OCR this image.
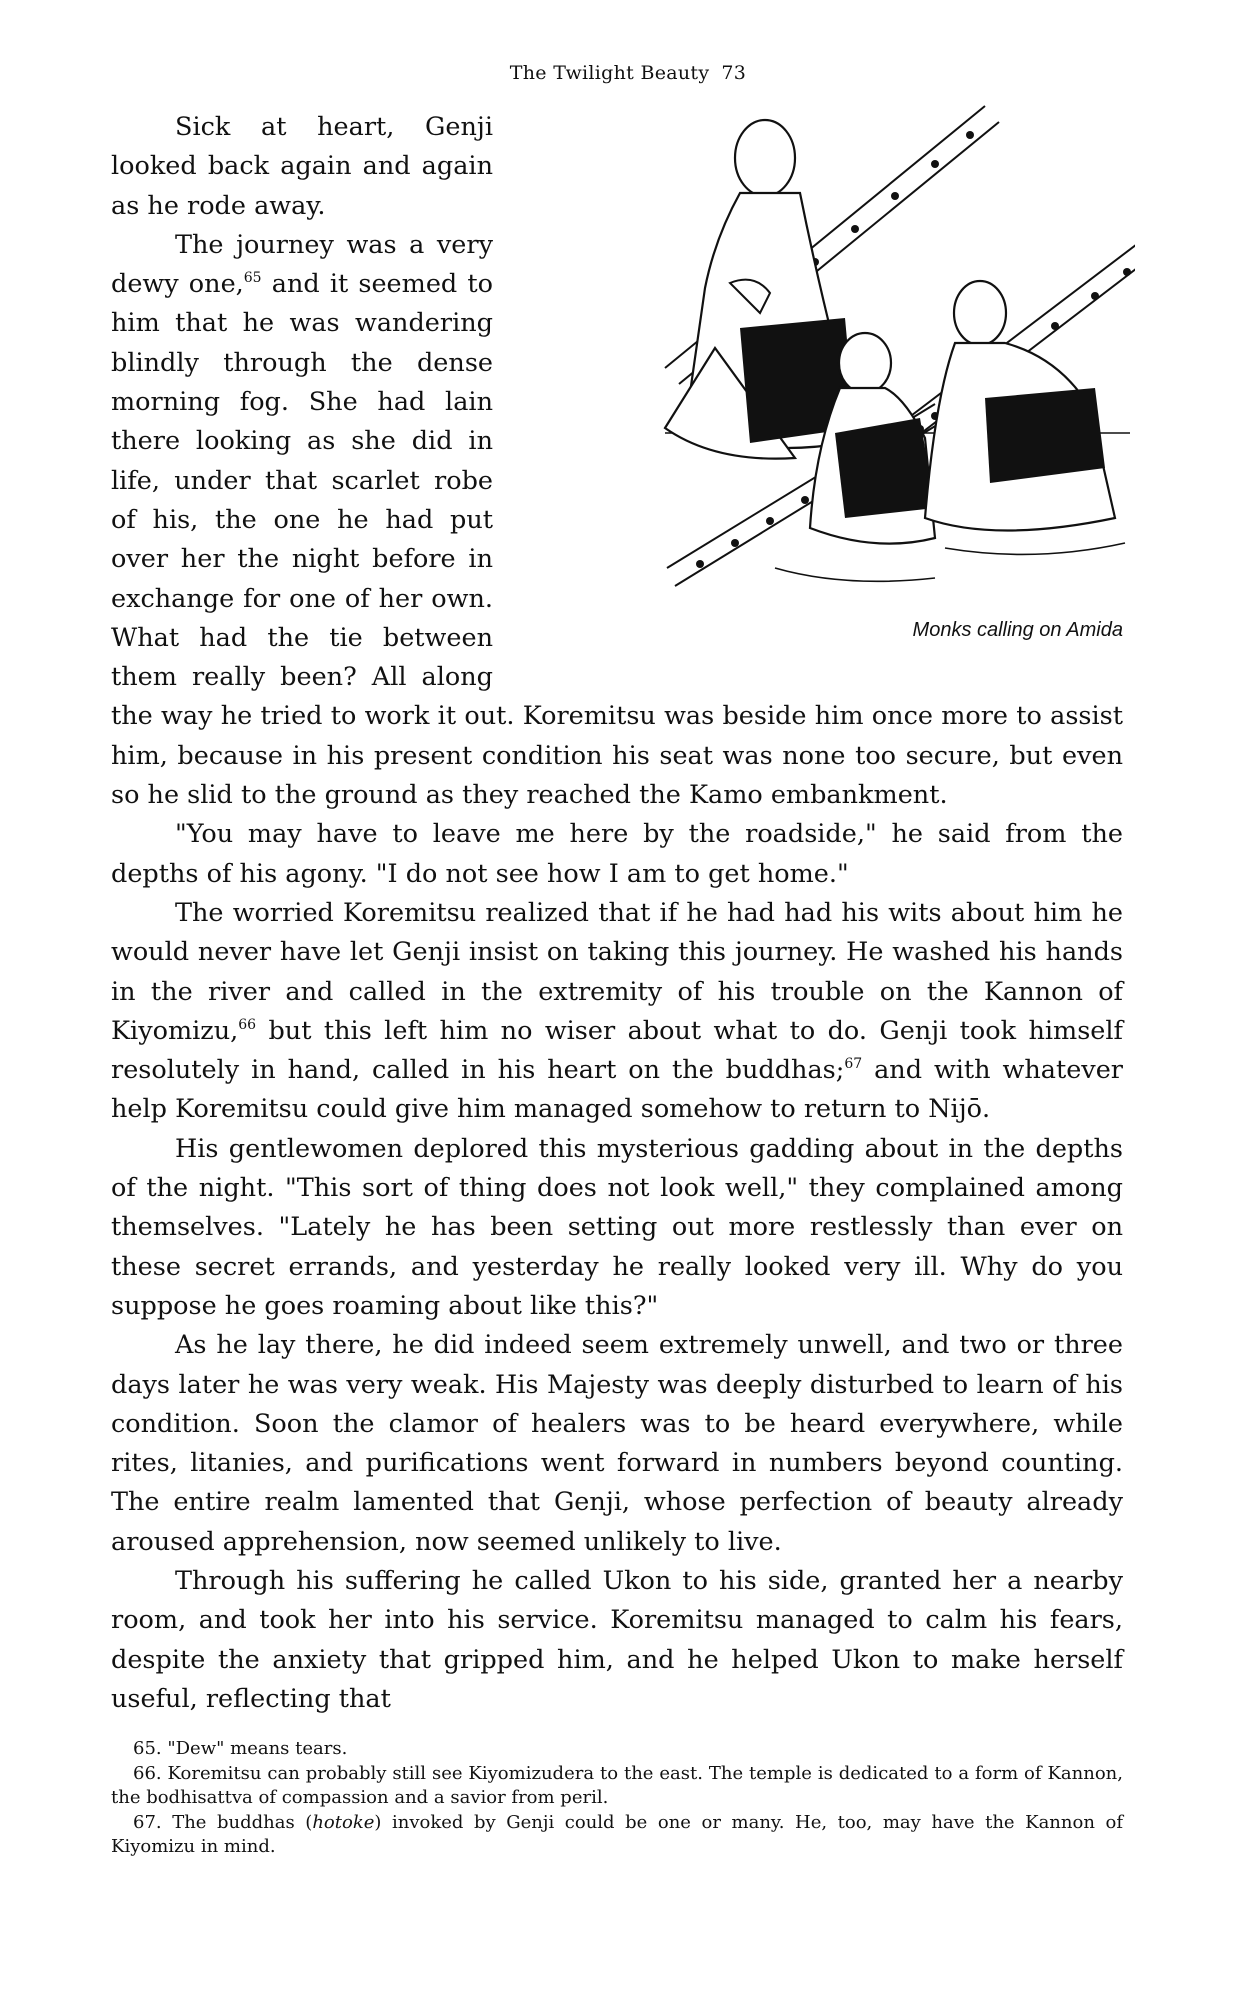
The Twilight Beauty 73
Monks calling on Amida

Sick at heart, Genji looked back again and again as he rode away.

The journey was a very dewy one,$^{65}$ and it seemed to him that he was wandering blindly through the dense morning fog. She had lain there looking as she did in life, under that scarlet robe of his, the one he had put over her the night before in exchange for one of her own. What had the tie between them really been? All along the way he tried to work it out. Koremitsu was beside him once more to assist him, because in his present condition his seat was none too secure, but even so he slid to the ground as they reached the Kamo embankment.

"You may have to leave me here by the roadside," he said from the depths of his agony. "I do not see how I am to get home."

The worried Koremitsu realized that if he had had his wits about him he would never have let Genji insist on taking this journey. He washed his hands in the river and called in the extremity of his trouble on the Kannon of Kiyomizu,$^{66}$ but this left him no wiser about what to do. Genji took himself resolutely in hand, called in his heart on the buddhas;$^{67}$ and with whatever help Koremitsu could give him managed somehow to return to Nijō.

His gentlewomen deplored this mysterious gadding about in the depths of the night. "This sort of thing does not look well," they complained among themselves. "Lately he has been setting out more restlessly than ever on these secret errands, and yesterday he really looked very ill. Why do you suppose he goes roaming about like this?"

As he lay there, he did indeed seem extremely unwell, and two or three days later he was very weak. His Majesty was deeply disturbed to learn of his condition. Soon the clamor of healers was to be heard everywhere, while rites, litanies, and purifications went forward in numbers beyond counting. The entire realm lamented that Genji, whose perfection of beauty already aroused apprehension, now seemed unlikely to live.

Through his suffering he called Ukon to his side, granted her a nearby room, and took her into his service. Koremitsu managed to calm his fears, despite the anxiety that gripped him, and he helped Ukon to make herself useful, reflecting that

65. "Dew" means tears.

66. Koremitsu can probably still see Kiyomizudera to the east. The temple is dedicated to a form of Kannon, the bodhisattva of compassion and a savior from peril.

67. The buddhas (hotoke) invoked by Genji could be one or many. He, too, may have the Kannon of Kiyomizu in mind.
